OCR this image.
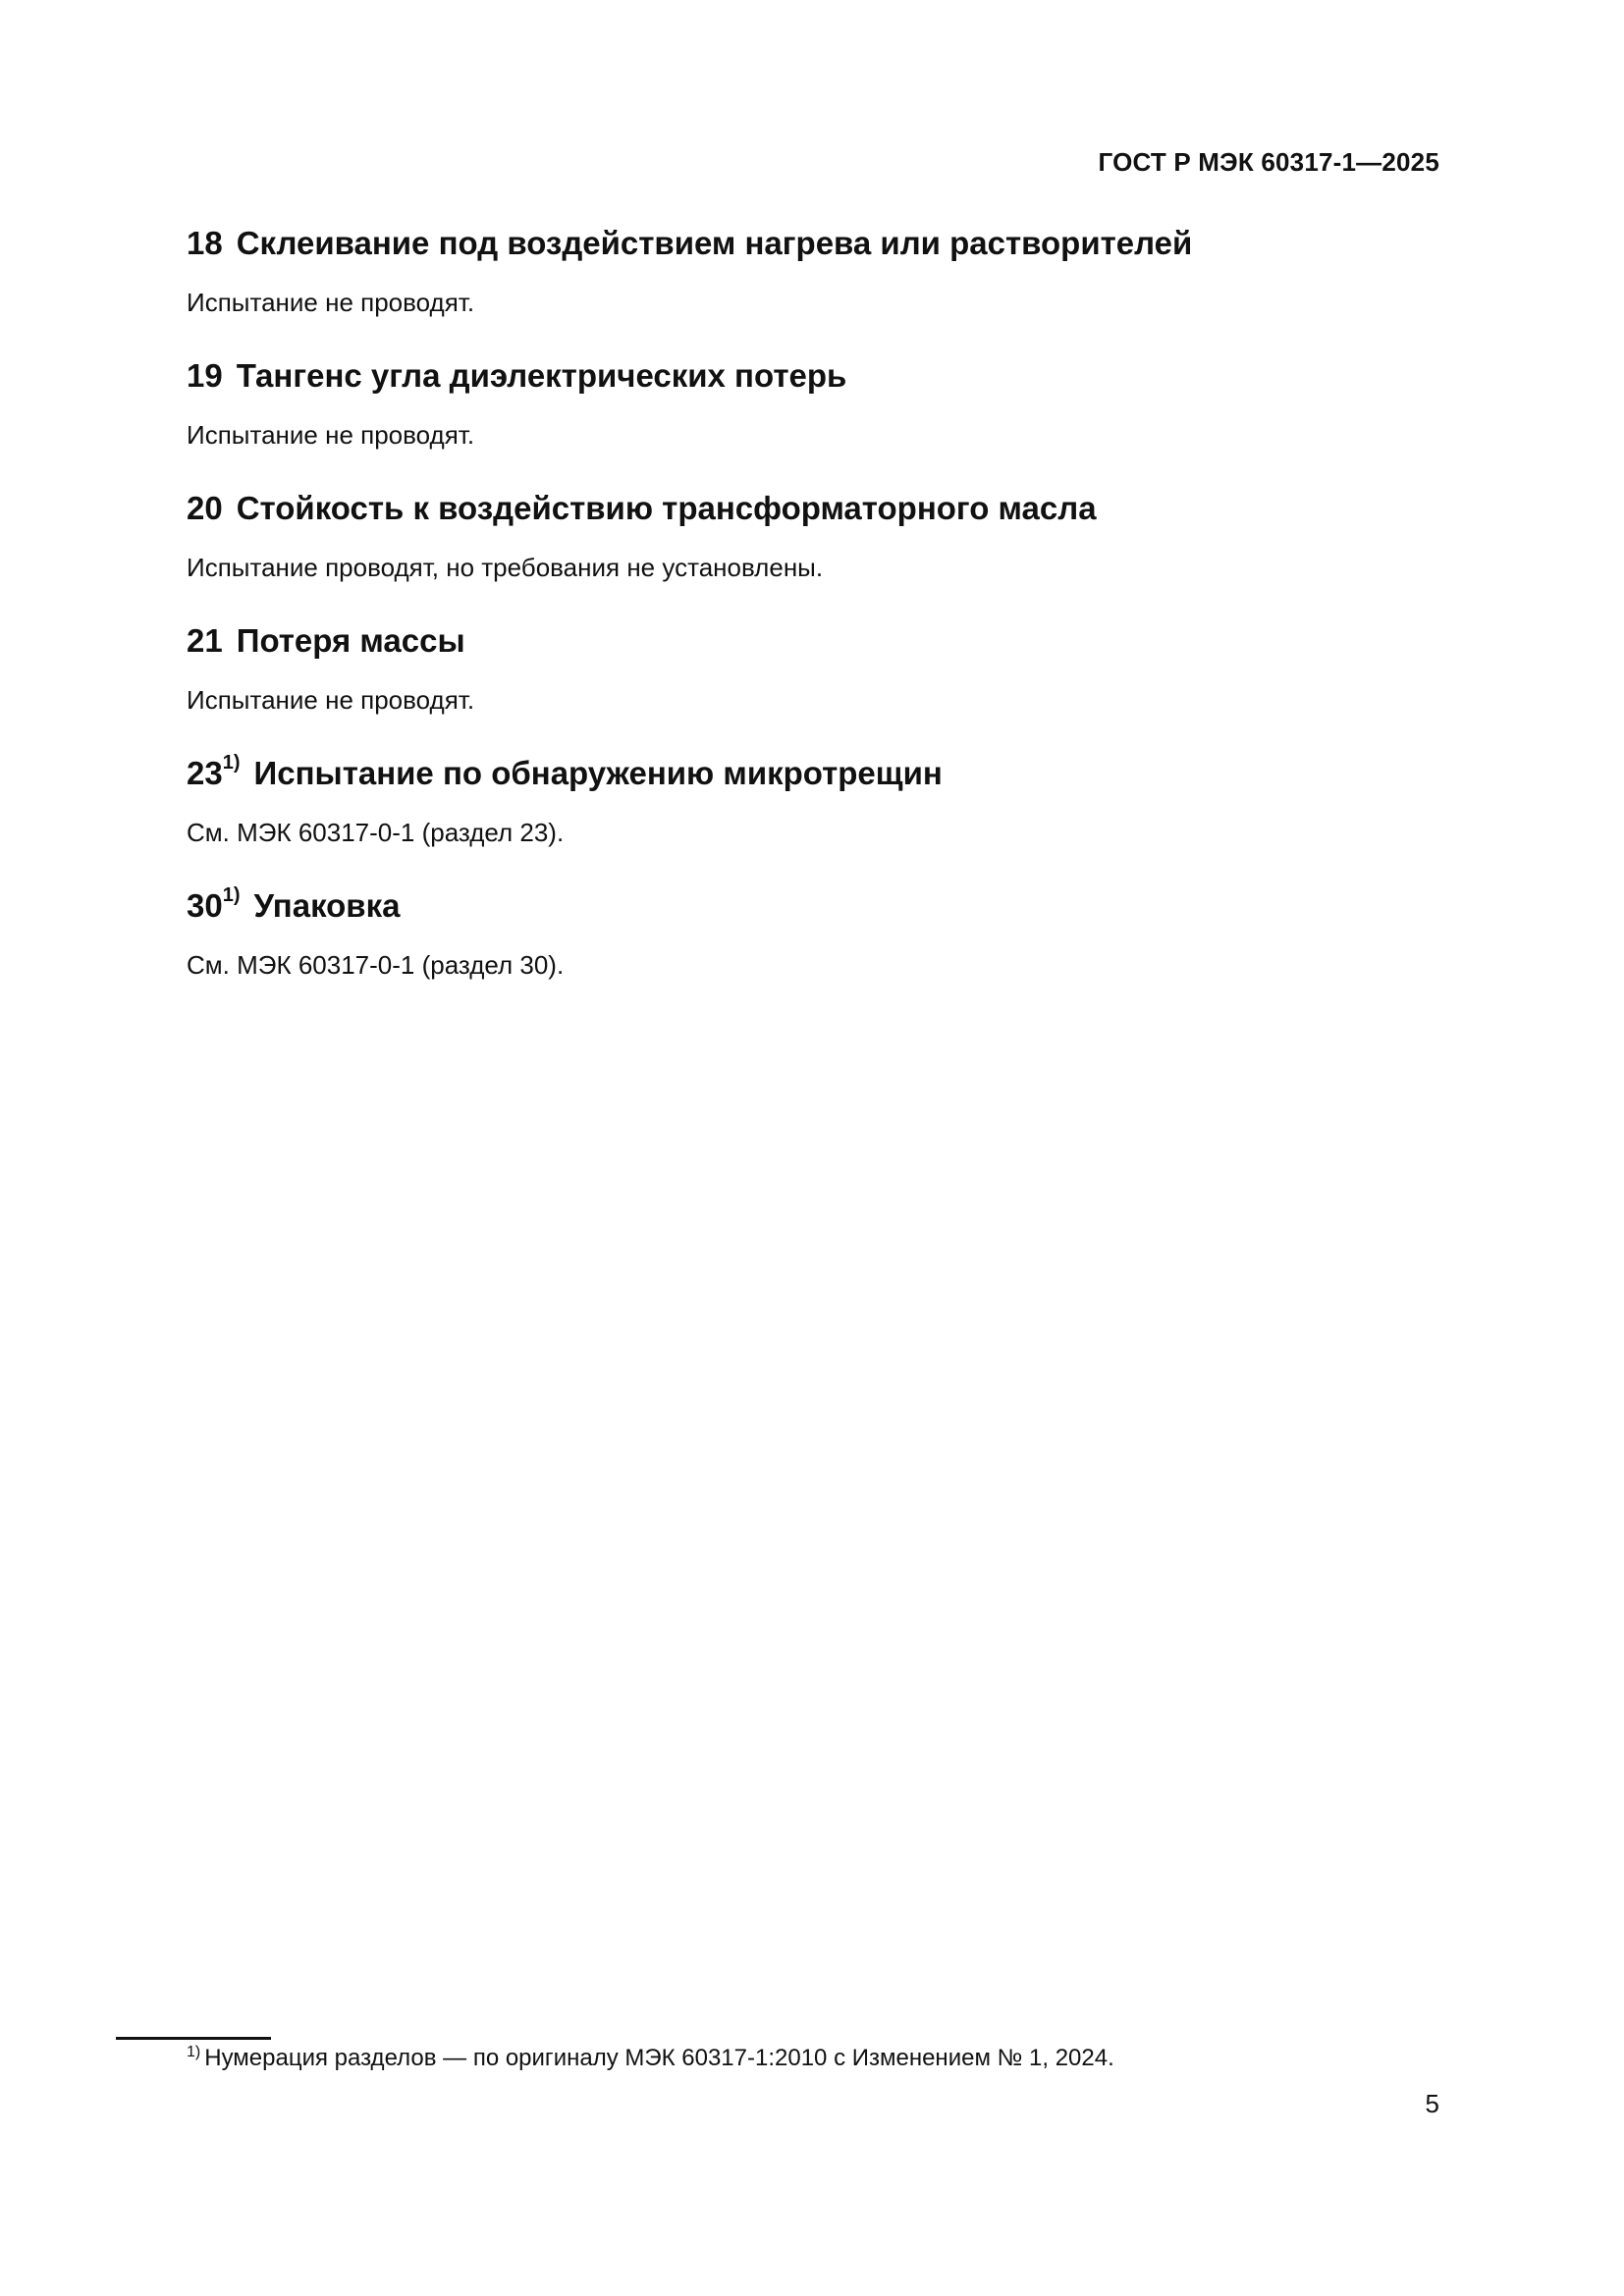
ГОСТ Р МЭК 60317-1—2025
18 Склеивание под воздействием нагрева или растворителей

Испытание не проводят.

19 Тангенс угла диэлектрических потерь

Испытание не проводят.

20 Стойкость к воздействию трансформаторного масла

Испытание проводят, но требования не установлены.

21 Потеря массы

Испытание не проводят.

23$^{1)}$ Испытание по обнаружению микротрещин

См. МЭК 60317-0-1 (раздел 23).

30$^{1)}$ Упаковка

См. МЭК 60317-0-1 (раздел 30).

$^{1)}$ Нумерация разделов — по оригиналу МЭК 60317-1:2010 с Изменением № 1, 2024.
5
